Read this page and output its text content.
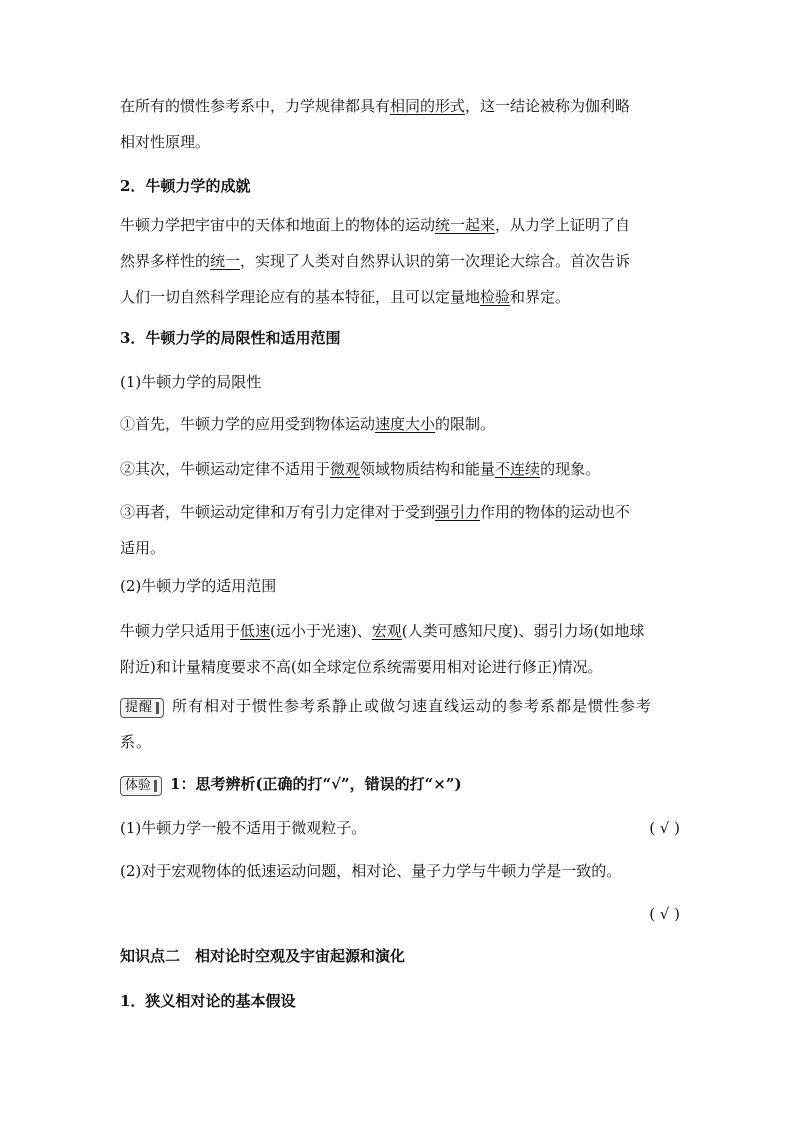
在所有的惯性参考系中，力学规律都具有相同的形式，这一结论被称为伽利略
相对性原理。
2．牛顿力学的成就
牛顿力学把宇宙中的天体和地面上的物体的运动统一起来，从力学上证明了自
然界多样性的统一，实现了人类对自然界认识的第一次理论大综合。首次告诉
人们一切自然科学理论应有的基本特征，且可以定量地检验和界定。
3．牛顿力学的局限性和适用范围
(1)牛顿力学的局限性
①首先，牛顿力学的应用受到物体运动速度大小的限制。
②其次，牛顿运动定律不适用于微观领域物质结构和能量不连续的现象。
③再者，牛顿运动定律和万有引力定律对于受到强引力作用的物体的运动也不
适用。
(2)牛顿力学的适用范围
牛顿力学只适用于低速(远小于光速)、宏观(人类可感知尺度)、弱引力场(如地球
附近)和计量精度要求不高(如全球定位系统需要用相对论进行修正)情况。
提醒 所有相对于惯性参考系静止或做匀速直线运动的参考系都是惯性参考
系。
体验 1：思考辨析(正确的打“√”，错误的打“×”)
(1)牛顿力学一般不适用于微观粒子。	( √ )
(2)对于宏观物体的低速运动问题，相对论、量子力学与牛顿力学是一致的。
( √ )
知识点二　相对论时空观及宇宙起源和演化
1．狭义相对论的基本假设
